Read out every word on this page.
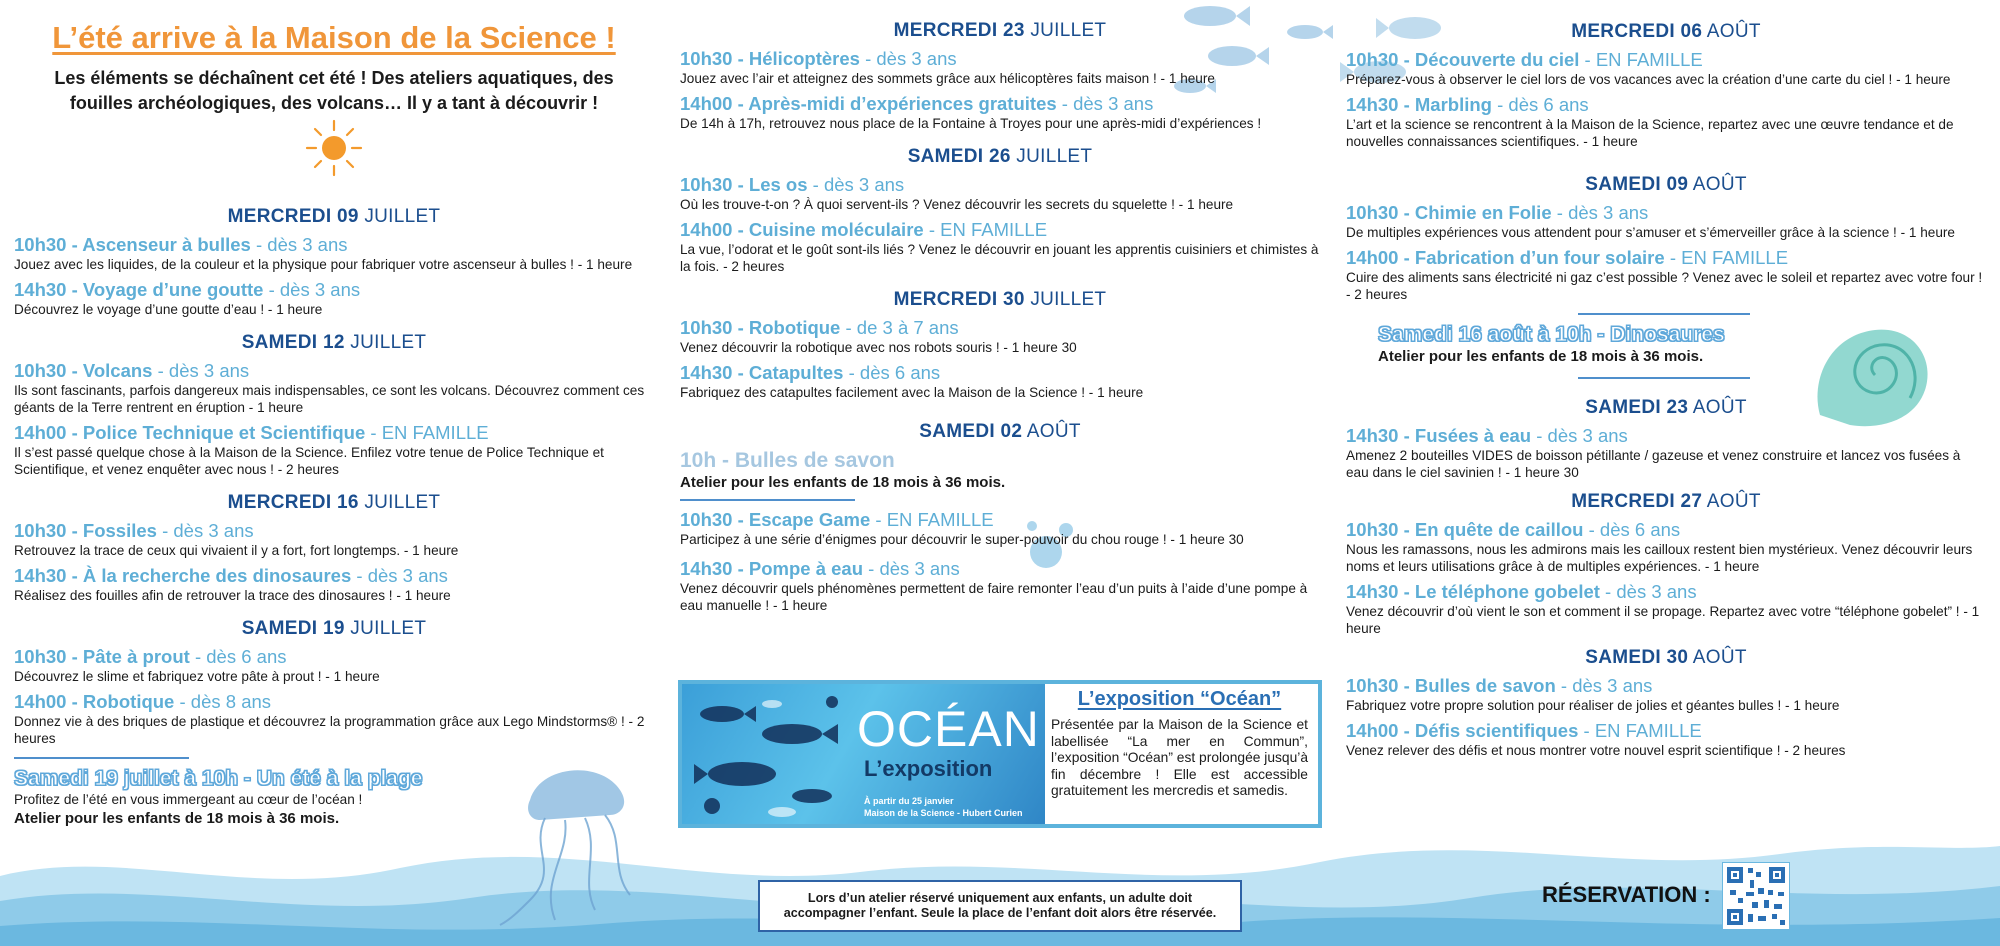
L’été arrive à la Maison de la Science !
Les éléments se déchaînent cet été ! Des ateliers aquatiques, des fouilles archéologiques, des volcans… Il y a tant à découvrir !
MERCREDI 09 JUILLET
10h30 - Ascenseur à bulles - dès 3 ans
Jouez avec les liquides, de la couleur et la physique pour fabriquer votre ascenseur à bulles ! - 1 heure
14h30 - Voyage d’une goutte - dès 3 ans
Découvrez le voyage d’une goutte d’eau ! - 1 heure
SAMEDI 12 JUILLET
10h30 - Volcans - dès 3 ans
Ils sont fascinants, parfois dangereux mais indispensables, ce sont les volcans. Découvrez comment ces géants de la Terre rentrent en éruption - 1 heure
14h00 - Police Technique et Scientifique - EN FAMILLE
Il s’est passé quelque chose à la Maison de la Science. Enfilez votre tenue de Police Technique et Scientifique, et venez enquêter avec nous ! - 2 heures
MERCREDI 16 JUILLET
10h30 - Fossiles - dès 3 ans
Retrouvez la trace de ceux qui vivaient il y a fort, fort longtemps. - 1 heure
14h30 - À la recherche des dinosaures - dès 3 ans
Réalisez des fouilles afin de retrouver la trace des dinosaures ! - 1 heure
SAMEDI 19 JUILLET
10h30 - Pâte à prout - dès 6 ans
Découvrez le slime et fabriquez votre pâte à prout ! - 1 heure
14h00 - Robotique - dès 8 ans
Donnez vie à des briques de plastique et découvrez la programmation grâce aux Lego Mindstorms® ! - 2 heures
Samedi 19 juillet à 10h - Un été à la plage
Profitez de l’été en vous immergeant au cœur de l’océan !
Atelier pour les enfants de 18 mois à 36 mois.
MERCREDI 23 JUILLET
10h30 - Hélicoptères - dès 3 ans
Jouez avec l’air et atteignez des sommets grâce aux hélicoptères faits maison ! - 1 heure
14h00 - Après-midi d’expériences gratuites - dès 3 ans
De 14h à 17h, retrouvez nous place de la Fontaine à Troyes pour une après-midi d’expériences !
SAMEDI 26 JUILLET
10h30 - Les os - dès 3 ans
Où les trouve-t-on ? À quoi servent-ils ? Venez découvrir les secrets du squelette ! - 1 heure
14h00 - Cuisine moléculaire - EN FAMILLE
La vue, l’odorat et le goût sont-ils liés ? Venez le découvrir en jouant les apprentis cuisiniers et chimistes à la fois. - 2 heures
MERCREDI 30 JUILLET
10h30 - Robotique - de 3 à 7 ans
Venez découvrir la robotique avec nos robots souris ! - 1 heure 30
14h30 - Catapultes - dès 6 ans
Fabriquez des catapultes facilement avec la Maison de la Science ! - 1 heure
SAMEDI 02 AOÛT
10h - Bulles de savon
Atelier pour les enfants de 18 mois à 36 mois.
10h30 - Escape Game - EN FAMILLE
Participez à une série d’énigmes pour découvrir le super-pouvoir du chou rouge ! - 1 heure 30
14h30 - Pompe à eau - dès 3 ans
Venez découvrir quels phénomènes permettent de faire remonter l’eau d’un puits à l’aide d’une pompe à eau manuelle ! - 1 heure
OCÉAN
L’exposition
À partir du 25 janvier
Maison de la Science - Hubert Curien
L’exposition “Océan”
Présentée par la Maison de la Science et labellisée “La mer en Commun”, l’exposition “Océan” est prolongée jusqu’à fin décembre ! Elle est accessible gratuitement les mercredis et samedis.
MERCREDI 06 AOÛT
10h30 - Découverte du ciel - EN FAMILLE
Préparez-vous à observer le ciel lors de vos vacances avec la création d’une carte du ciel ! - 1 heure
14h30 - Marbling - dès 6 ans
L’art et la science se rencontrent à la Maison de la Science, repartez avec une œuvre tendance et de nouvelles connaissances scientifiques. - 1 heure
SAMEDI 09 AOÛT
10h30 - Chimie en Folie - dès 3 ans
De multiples expériences vous attendent pour s’amuser et s’émerveiller grâce à la science ! - 1 heure
14h00 - Fabrication d’un four solaire - EN FAMILLE
Cuire des aliments sans électricité ni gaz c’est possible ? Venez avec le soleil et repartez avec votre four ! - 2 heures
Samedi 16 août à 10h - Dinosaures
Atelier pour les enfants de 18 mois à 36 mois.
SAMEDI 23 AOÛT
14h30 - Fusées à eau - dès 3 ans
Amenez 2 bouteilles VIDES de boisson pétillante / gazeuse et venez construire et lancez vos fusées à eau dans le ciel savinien ! - 1 heure 30
MERCREDI 27 AOÛT
10h30 - En quête de caillou - dès 6 ans
Nous les ramassons, nous les admirons mais les cailloux restent bien mystérieux. Venez découvrir leurs noms et leurs utilisations grâce à de multiples expériences. - 1 heure
14h30 - Le téléphone gobelet - dès 3 ans
Venez découvrir d’où vient le son et comment il se propage. Repartez avec votre “téléphone gobelet” ! - 1 heure
SAMEDI 30 AOÛT
10h30 - Bulles de savon - dès 3 ans
Fabriquez votre propre solution pour réaliser de jolies et géantes bulles ! - 1 heure
14h00 - Défis scientifiques - EN FAMILLE
Venez relever des défis et nous montrer votre nouvel esprit scientifique ! - 2 heures
Lors d’un atelier réservé uniquement aux enfants, un adulte doit accompagner l’enfant. Seule la place de l’enfant doit alors être réservée.
RÉSERVATION :
